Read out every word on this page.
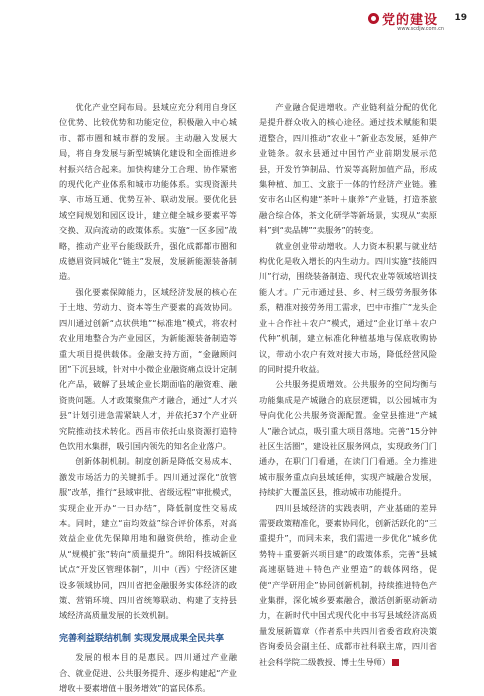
党的建设
www.scdjw.com.cn
19

优化产业空间布局。县域应充分利用自身区位优势、比较优势和功能定位，积极融入中心城市、都市圈和城市群的发展。主动融入发展大局，将自身发展与新型城镇化建设和全面推进乡村振兴结合起来。加快构建分工合理、协作紧密的现代化产业体系和城市功能体系。实现资源共享、市场互通、优势互补、联动发展。要优化县域空间规划和园区设计，建立健全城乡要素平等交换、双向流动的政策体系。实施“一区多园”战略，推动产业平台能级跃升，强化成都都市圈和成德眉资同城化“链主”发展，发展新能源装备制造。

强化要素保障能力，区域经济发展的核心在于土地、劳动力、资本等生产要素的高效协同。四川通过创新“点状供地”“标准地”模式，将农村农业用地整合为产业园区，为新能源装备制造等重大项目提供载体。金融支持方面，“金融顾问团”下沉县域，针对中小微企业融资痛点设计定制化产品，破解了县域企业长期面临的融资难、融资贵问题。人才政策聚焦产才融合，通过“人才兴县”计划引进急需紧缺人才，并依托37个产业研究院推动技术转化。西昌市依托山泉资源打造特色饮用水集群，吸引国内领先的知名企业落户。

创新体制机制。制度创新是降低交易成本、激发市场活力的关键抓手。四川通过深化“放管服”改革，推行“县域审批、省级远程”审批模式，实现企业开办“一日办结”，降低制度性交易成本。同时，建立“亩均效益”综合评价体系，对高效益企业优先保障用地和融资供给，推动企业从“规模扩张”转向“质量提升”。绵阳科技城新区试点“开发区管理体制”，川中（西）宁经济区建设多领域协同，四川省把金融服务实体经济的政策、营销环境、四川省统筹联动、构建了支持县域经济高质量发展的长效机制。

完善利益联结机制 实现发展成果全民共享

发展的根本目的是惠民。四川通过产业融合、就业促进、公共服务提升、逐步构建起“产业增收＋要素增值＋服务增效”的富民体系。

产业融合促进增收。产业链利益分配的优化是提升群众收入的核心途径。通过技术赋能和渠道整合，四川推动“农业＋”新业态发展，延伸产业链条。叙永县通过中国竹产业前期发展示范县，开发竹笋制品、竹炭等高附加值产品，形成集种植、加工、文旅于一体的竹经济产业链。雅安市名山区构建“茶叶＋康养”产业链，打造茶旅融合综合体，茶文化研学等新场景，实现从“卖原料”到“卖品牌”“卖服务”的转变。

就业创业带动增收。人力资本积累与就业结构优化是收入增长的内生动力。四川实施“技能四川”行动，围绕装备制造、现代农业等领域培训技能人才。广元市通过县、乡、村三级劳务服务体系，精准对接劳务用工需求，巴中市推广“龙头企业＋合作社＋农户”模式，通过“企业订单＋农户代种”机制，建立标准化种植基地与保底收购协议，带动小农户有效对接大市场，降低经营风险的同时提升收益。

公共服务提质增效。公共服务的空间均衡与功能集成是产城融合的底层逻辑，以公园城市为导向优化公共服务资源配置。金堂县推进“产城人”融合试点，吸引重大项目落地。完善“15分钟社区生活圈”，建设社区服务网点，实现政务门门通办，在职门门看通，在读门门看通。全力推进城市服务重点向县域延伸，实现产城融合发展，持续扩大覆盖区县，推动城市功能提升。

四川县域经济的实践表明，产业基础的差异需要政策精准化，要素协同化，创新活跃化的“三重提升”，而同未来，我们需进一步优化“城乡优势特＋重要新兴项目建”的政策体系，完善“县城高速驱链进＋特色产业塑造”的载体网络，促使“产学研用企”协同创新机制，持续推进特色产业集群，深化城乡要素融合，激活创新驱动新动力，在新时代中国式现代化中书写县域经济高质量发展新篇章（作者系中共四川省委省政府决策咨询委员会副主任、成都市社科联主席，四川省社会科学院二级教授、博士生导师）
